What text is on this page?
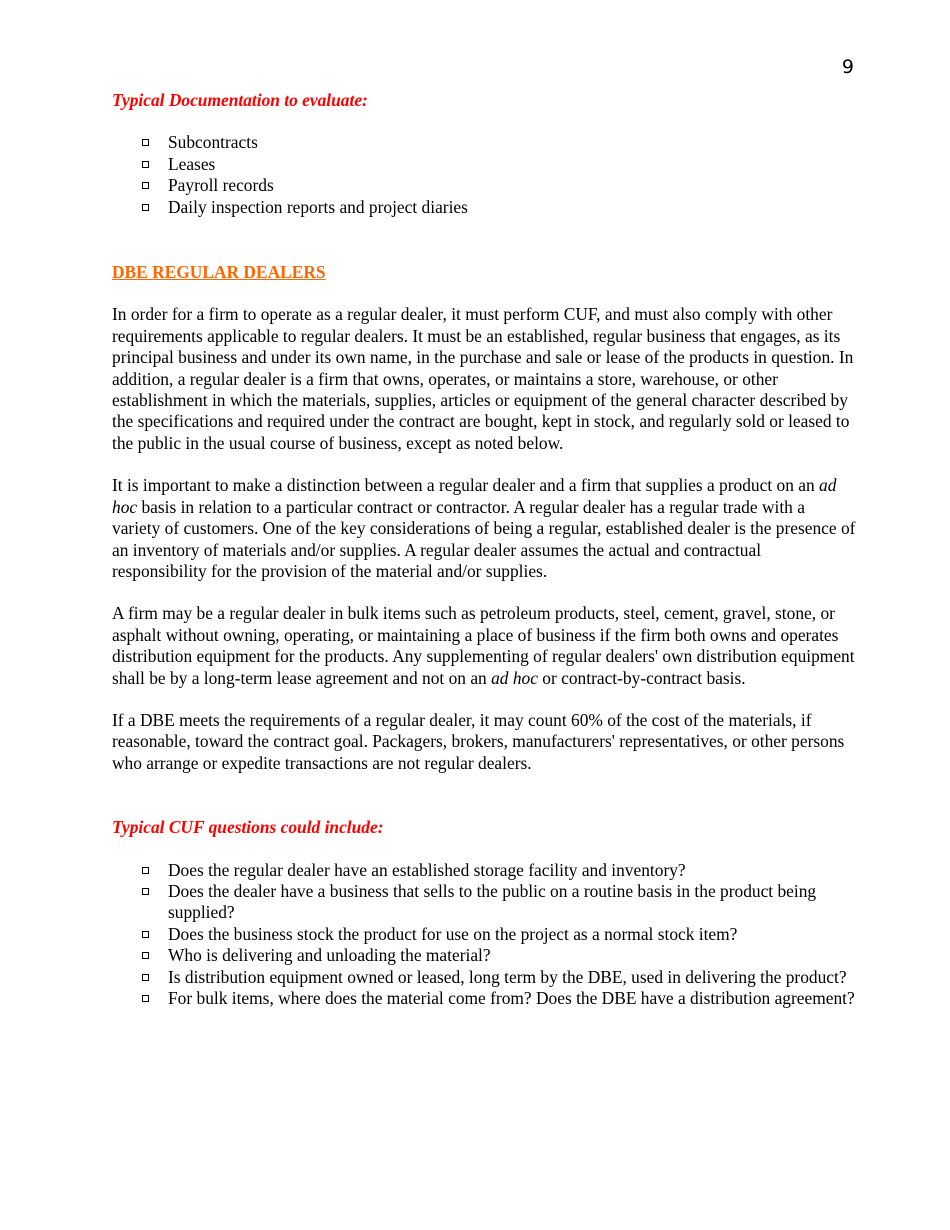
9

Typical Documentation to evaluate:

Subcontracts
Leases
Payroll records
Daily inspection reports and project diaries

DBE REGULAR DEALERS

In order for a firm to operate as a regular dealer, it must perform CUF, and must also comply with other requirements applicable to regular dealers. It must be an established, regular business that engages, as its principal business and under its own name, in the purchase and sale or lease of the products in question. In addition, a regular dealer is a firm that owns, operates, or maintains a store, warehouse, or other establishment in which the materials, supplies, articles or equipment of the general character described by the specifications and required under the contract are bought, kept in stock, and regularly sold or leased to the public in the usual course of business, except as noted below.

It is important to make a distinction between a regular dealer and a firm that supplies a product on an ad hoc basis in relation to a particular contract or contractor. A regular dealer has a regular trade with a variety of customers. One of the key considerations of being a regular, established dealer is the presence of an inventory of materials and/or supplies. A regular dealer assumes the actual and contractual responsibility for the provision of the material and/or supplies.

A firm may be a regular dealer in bulk items such as petroleum products, steel, cement, gravel, stone, or asphalt without owning, operating, or maintaining a place of business if the firm both owns and operates distribution equipment for the products. Any supplementing of regular dealers' own distribution equipment shall be by a long-term lease agreement and not on an ad hoc or contract-by-contract basis.

If a DBE meets the requirements of a regular dealer, it may count 60% of the cost of the materials, if reasonable, toward the contract goal. Packagers, brokers, manufacturers' representatives, or other persons who arrange or expedite transactions are not regular dealers.

Typical CUF questions could include:

Does the regular dealer have an established storage facility and inventory?
Does the dealer have a business that sells to the public on a routine basis in the product being supplied?
Does the business stock the product for use on the project as a normal stock item?
Who is delivering and unloading the material?
Is distribution equipment owned or leased, long term by the DBE, used in delivering the product?
For bulk items, where does the material come from? Does the DBE have a distribution agreement?
